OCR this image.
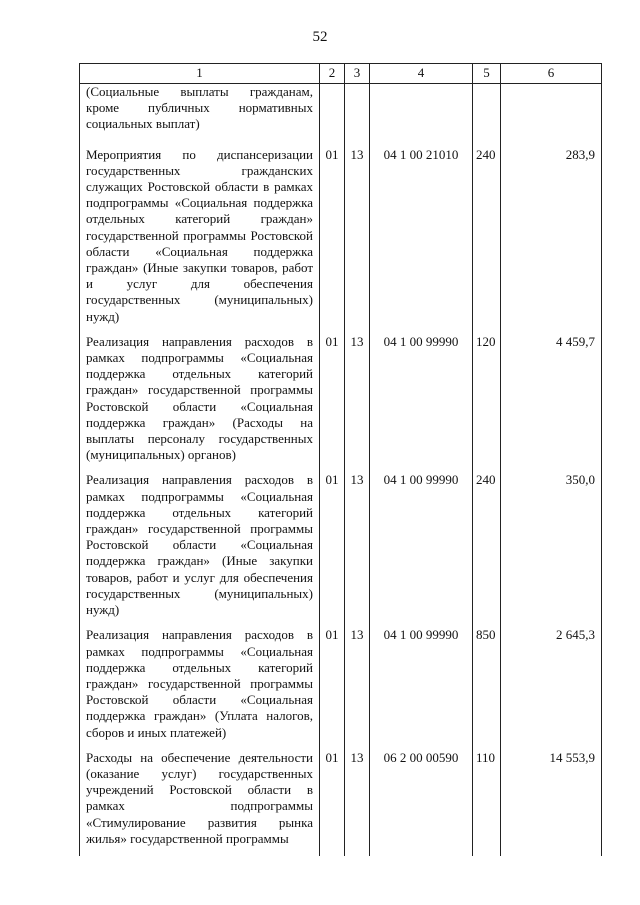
52
1	2	3	4	5	6
(Социальные выплаты гражданам, кроме публичных нормативных социальных выплат)					
Мероприятия по диспансеризации государственных гражданских служащих Ростовской области в рамках подпрограммы «Социальная поддержка отдельных категорий граждан» государственной программы Ростовской области «Социальная поддержка граждан» (Иные закупки товаров, работ и услуг для обеспечения государственных (муниципальных) нужд)	01	13	04 1 00 21010	240	283,9
Реализация направления расходов в рамках подпрограммы «Социальная поддержка отдельных категорий граждан» государственной программы Ростовской области «Социальная поддержка граждан» (Расходы на выплаты персоналу государственных (муниципальных) органов)	01	13	04 1 00 99990	120	4 459,7
Реализация направления расходов в рамках подпрограммы «Социальная поддержка отдельных категорий граждан» государственной программы Ростовской области «Социальная поддержка граждан» (Иные закупки товаров, работ и услуг для обеспечения государственных (муниципальных) нужд)	01	13	04 1 00 99990	240	350,0
Реализация направления расходов в рамках подпрограммы «Социальная поддержка отдельных категорий граждан» государственной программы Ростовской области «Социальная поддержка граждан» (Уплата налогов, сборов и иных платежей)	01	13	04 1 00 99990	850	2 645,3
Расходы на обеспечение деятельности (оказание услуг) государственных учреждений Ростовской области в рамках подпрограммы «Стимулирование развития рынка жилья» государственной программы	01	13	06 2 00 00590	110	14 553,9
